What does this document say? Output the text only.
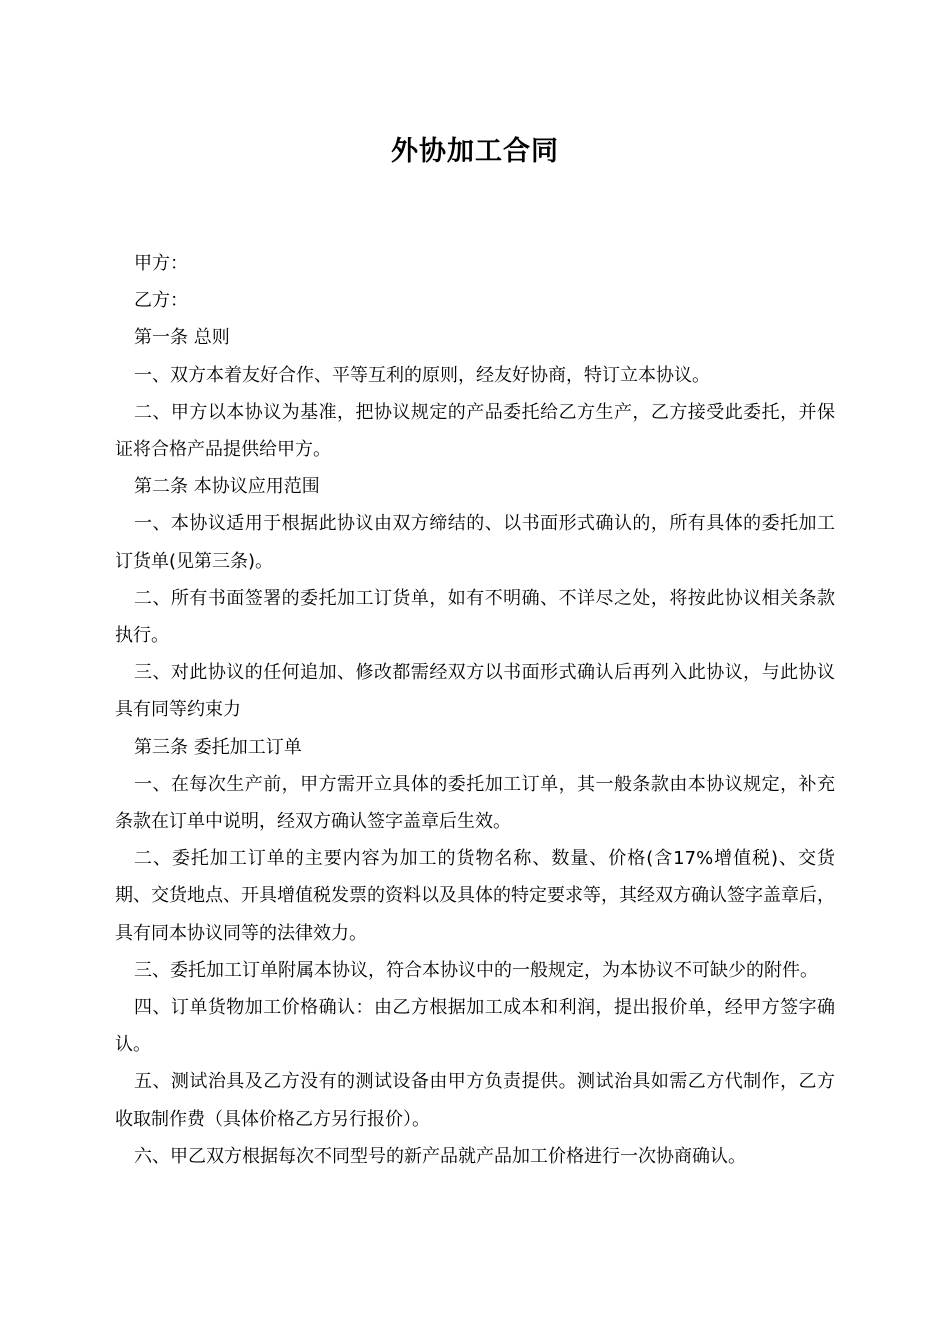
外协加工合同

甲方：

乙方：

第一条 总则

一、双方本着友好合作、平等互利的原则，经友好协商，特订立本协议。

二、甲方以本协议为基准，把协议规定的产品委托给乙方生产，乙方接受此委托，并保证将合格产品提供给甲方。

第二条 本协议应用范围

一、本协议适用于根据此协议由双方缔结的、以书面形式确认的，所有具体的委托加工订货单(见第三条)。

二、所有书面签署的委托加工订货单，如有不明确、不详尽之处，将按此协议相关条款执行。

三、对此协议的任何追加、修改都需经双方以书面形式确认后再列入此协议，与此协议具有同等约束力

第三条 委托加工订单

一、在每次生产前，甲方需开立具体的委托加工订单，其一般条款由本协议规定，补充条款在订单中说明，经双方确认签字盖章后生效。

二、委托加工订单的主要内容为加工的货物名称、数量、价格(含17%增值税)、交货期、交货地点、开具增值税发票的资料以及具体的特定要求等，其经双方确认签字盖章后，具有同本协议同等的法律效力。

三、委托加工订单附属本协议，符合本协议中的一般规定，为本协议不可缺少的附件。

四、订单货物加工价格确认：由乙方根据加工成本和利润，提出报价单，经甲方签字确认。

五、测试治具及乙方没有的测试设备由甲方负责提供。测试治具如需乙方代制作，乙方收取制作费（具体价格乙方另行报价）。

六、甲乙双方根据每次不同型号的新产品就产品加工价格进行一次协商确认。
